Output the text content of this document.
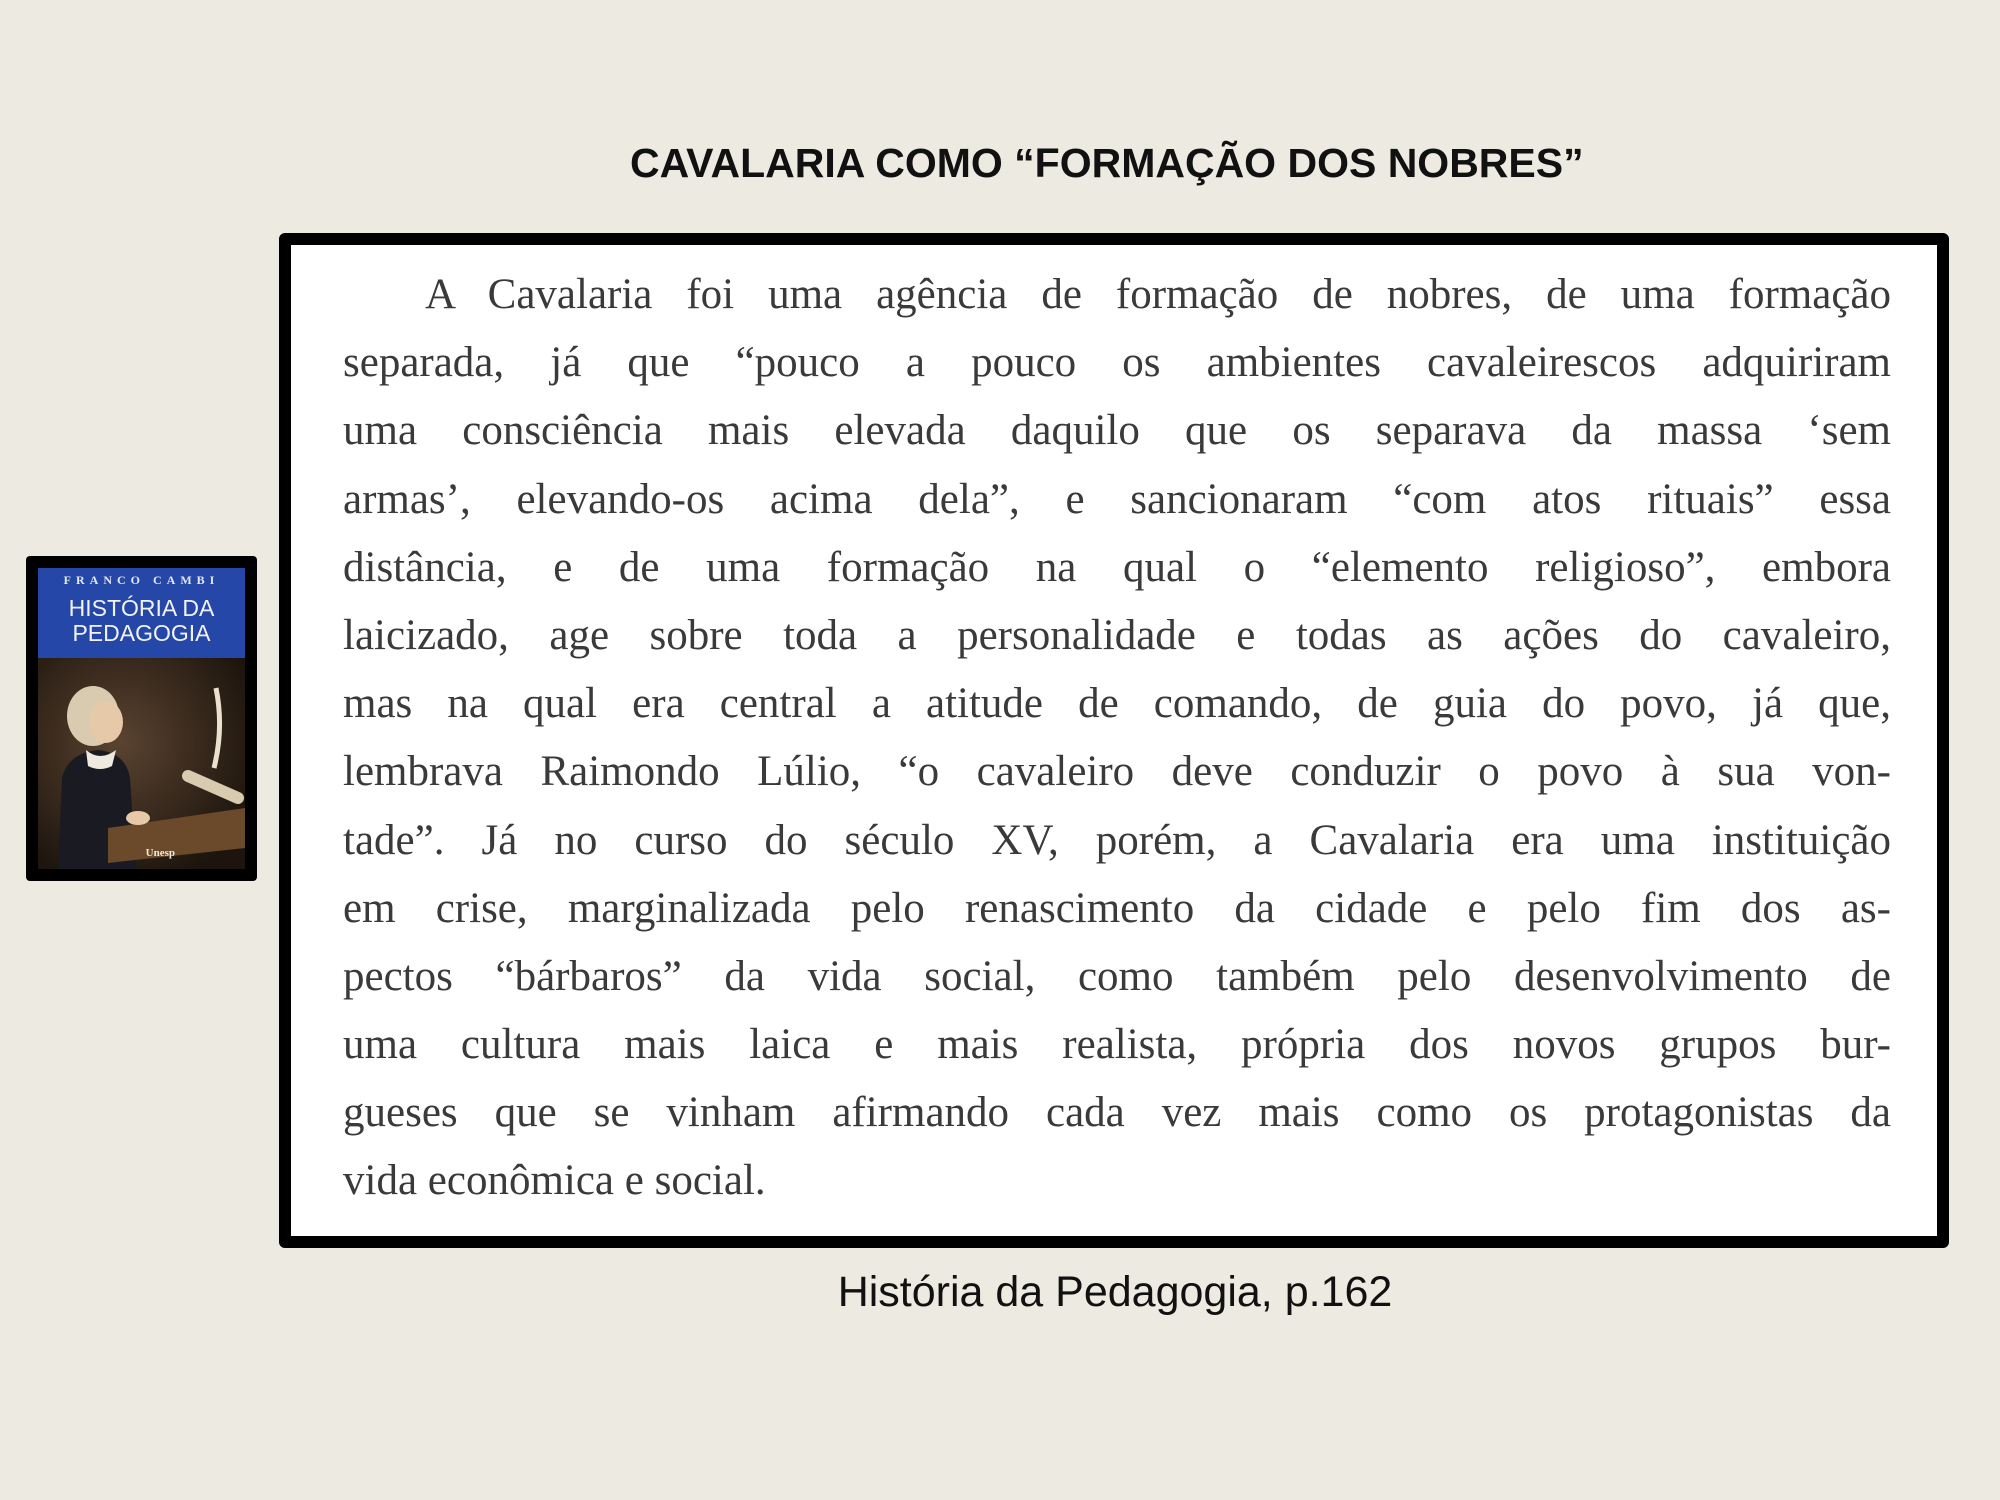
CAVALARIA COMO “FORMAÇÃO DOS NOBRES”
FRANCO CAMBI
HISTÓRIA DA
PEDAGOGIA
Unesp
A Cavalaria foi uma agência de formação de nobres, de uma formação
separada, já que “pouco a pouco os ambientes cavaleirescos adquiriram
uma consciência mais elevada daquilo que os separava da massa ‘sem
armas’, elevando-os acima dela”, e sancionaram “com atos rituais” essa
distância, e de uma formação na qual o “elemento religioso”, embora
laicizado, age sobre toda a personalidade e todas as ações do cavaleiro,
mas na qual era central a atitude de comando, de guia do povo, já que,
lembrava Raimondo Lúlio, “o cavaleiro deve conduzir o povo à sua von-
tade”. Já no curso do século XV, porém, a Cavalaria era uma instituição
em crise, marginalizada pelo renascimento da cidade e pelo fim dos as-
pectos “bárbaros” da vida social, como também pelo desenvolvimento de
uma cultura mais laica e mais realista, própria dos novos grupos bur-
gueses que se vinham afirmando cada vez mais como os protagonistas da
vida econômica e social.
História da Pedagogia, p.162
